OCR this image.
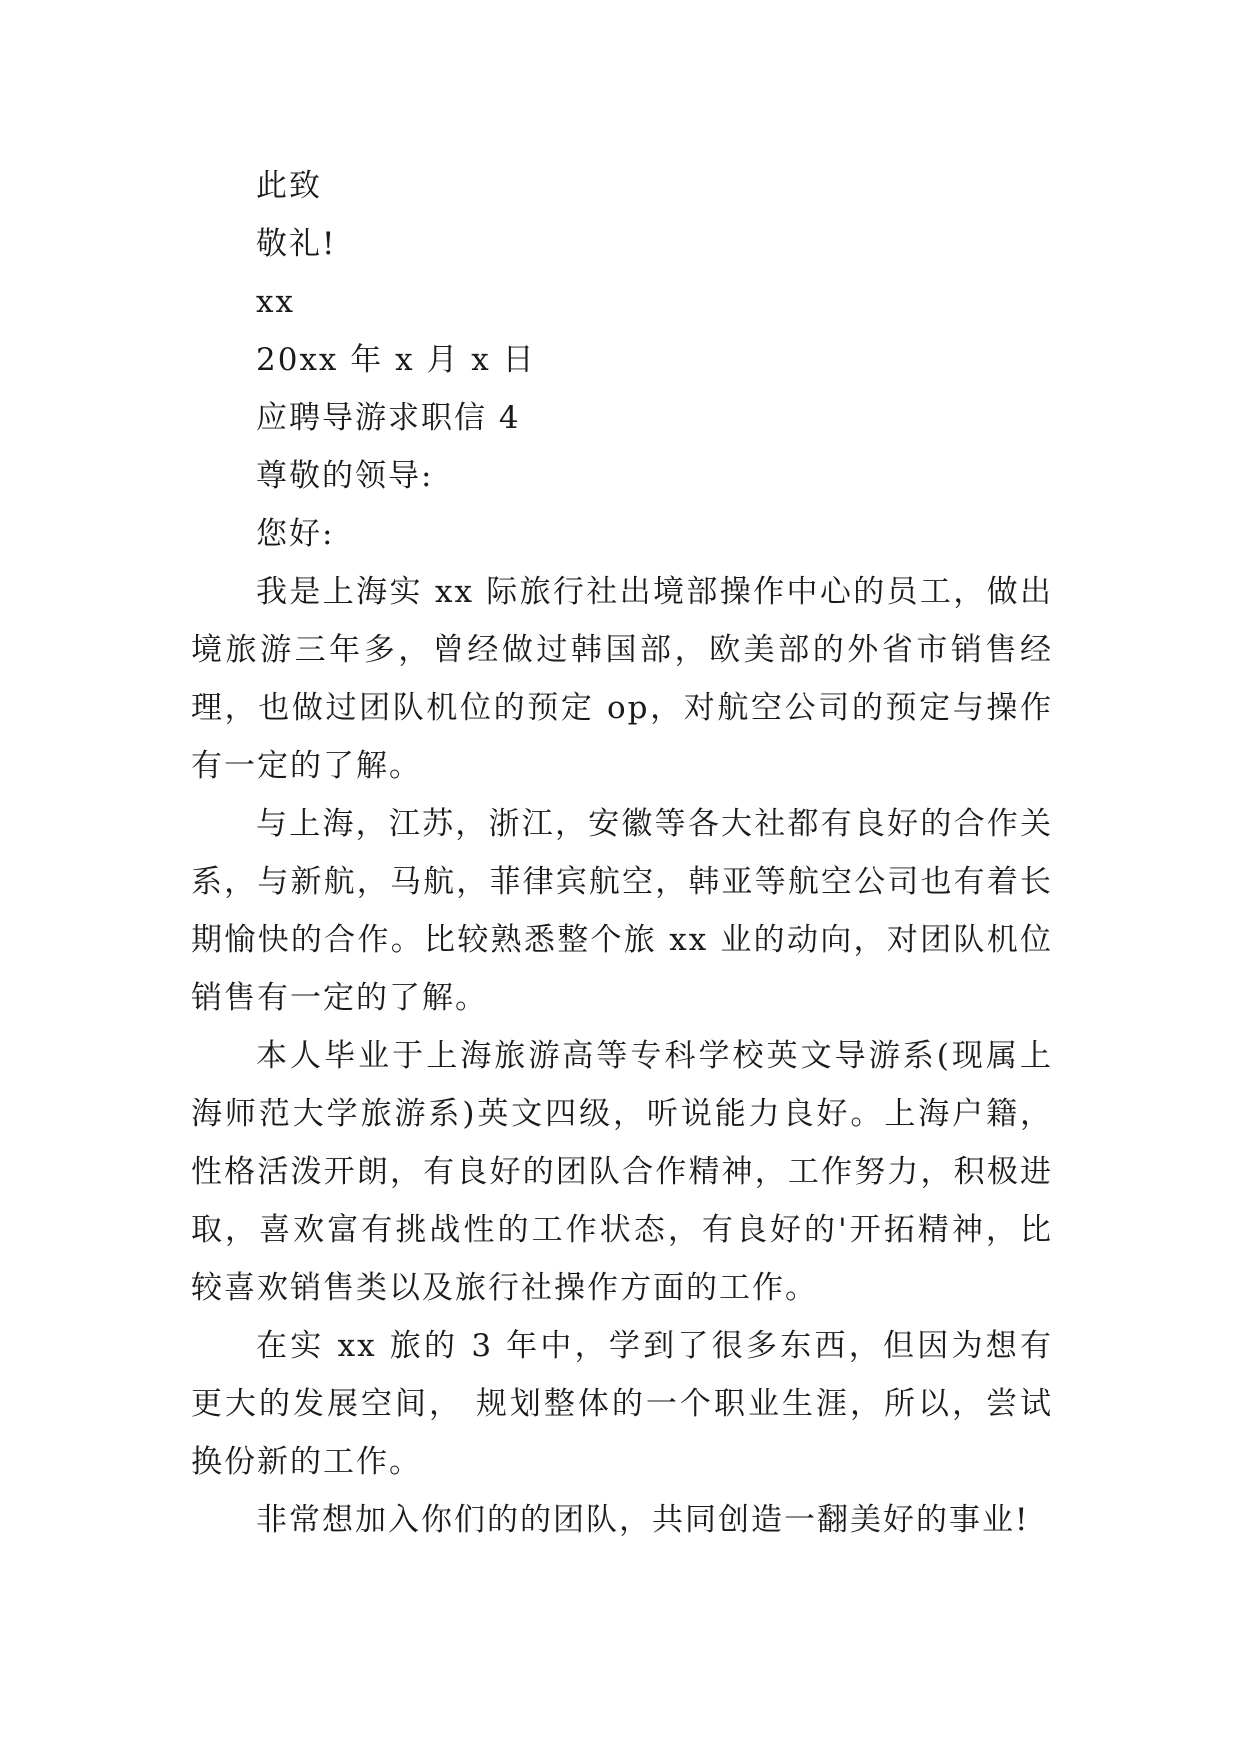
此致
敬礼!
xx
20xx 年 x 月 x 日
应聘导游求职信 4
尊敬的领导:
您好:

我是上海实 xx 际旅行社出境部操作中心的员工，做出境旅游三年多，曾经做过韩国部，欧美部的外省市销售经理，也做过团队机位的预定 op，对航空公司的预定与操作有一定的了解。

与上海，江苏，浙江，安徽等各大社都有良好的合作关系，与新航，马航，菲律宾航空，韩亚等航空公司也有着长期愉快的合作。比较熟悉整个旅 xx 业的动向，对团队机位销售有一定的了解。

本人毕业于上海旅游高等专科学校英文导游系(现属上海师范大学旅游系)英文四级，听说能力良好。上海户籍，性格活泼开朗，有良好的团队合作精神，工作努力，积极进取，喜欢富有挑战性的工作状态，有良好的'开拓精神，比较喜欢销售类以及旅行社操作方面的工作。

在实 xx 旅的 3 年中，学到了很多东西，但因为想有更大的发展空间， 规划整体的一个职业生涯，所以，尝试换份新的工作。

非常想加入你们的的团队，共同创造一翻美好的事业!
